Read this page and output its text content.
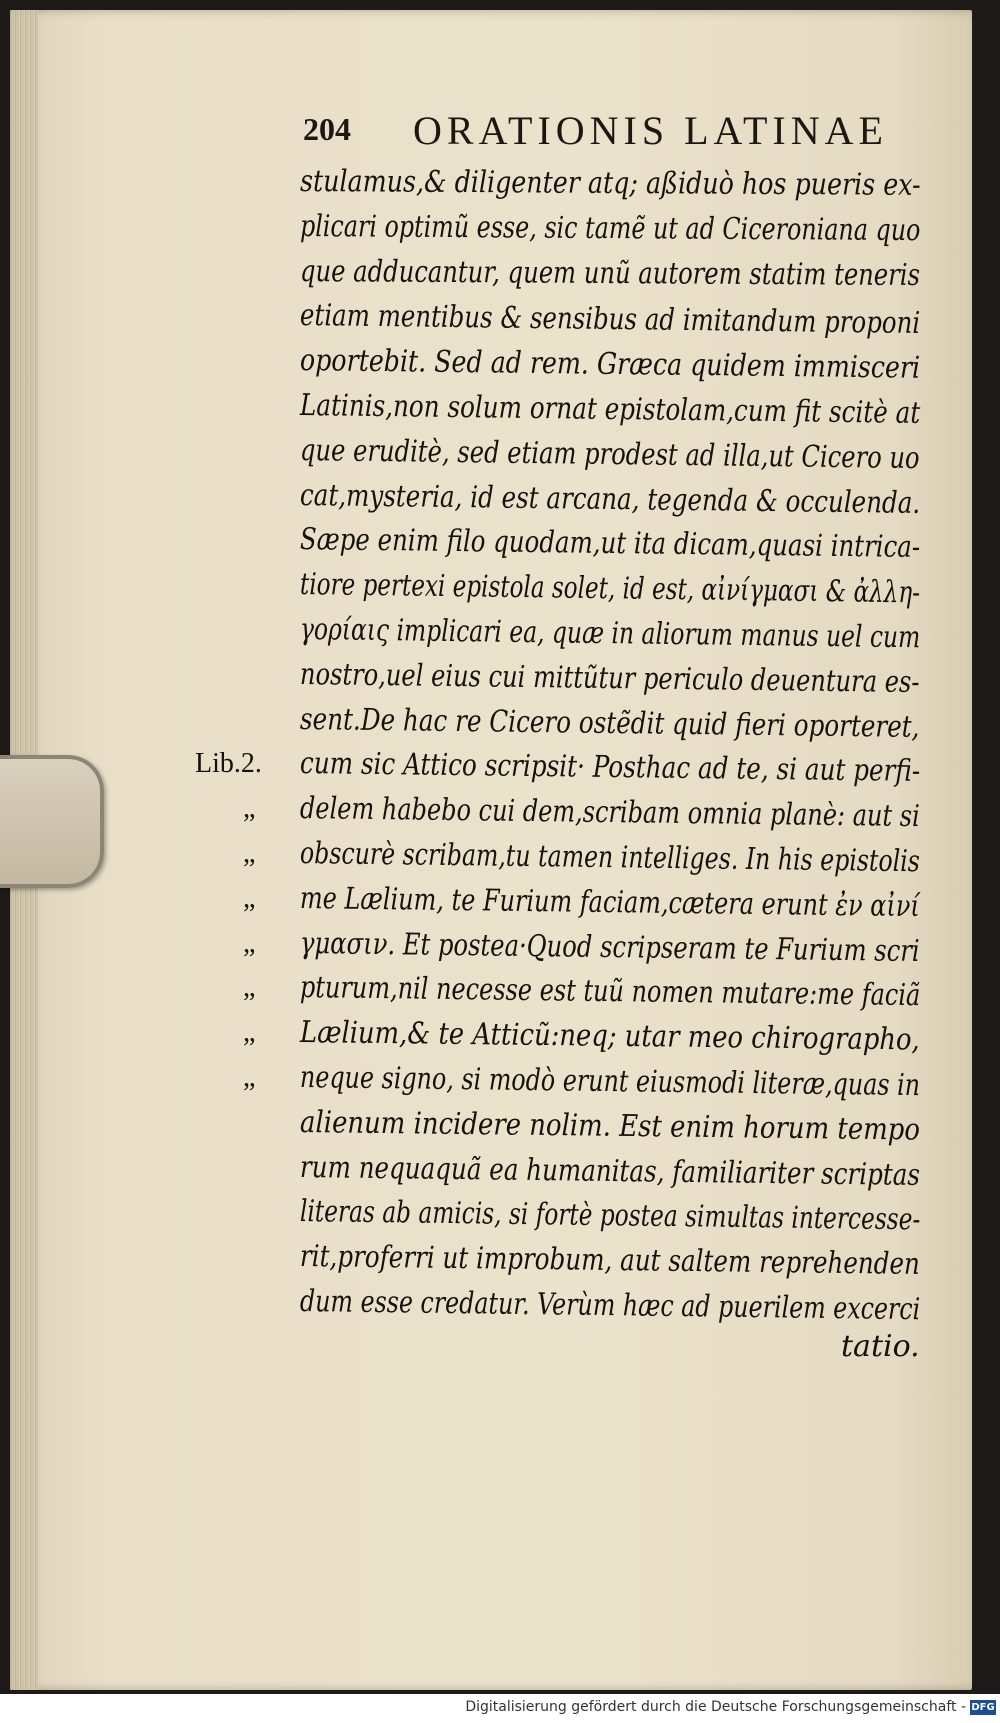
204 ORATIONIS LATINAE
Lib.2.
„
„
„
„
„
„
„
stulamus,& diligenter atq; aßiduò hos pueris ex-
plicari optimũ esse, sic tamẽ ut ad Ciceroniana quo
que adducantur, quem unũ autorem statim teneris
etiam mentibus & sensibus ad imitandum proponi
oportebit. Sed ad rem. Græca quidem immisceri
Latinis,non solum ornat epistolam,cum fit scitè at
que eruditè, sed etiam prodest ad illa,ut Cicero uo
cat,mysteria, id est arcana, tegenda & occulenda.
Sæpe enim filo quodam,ut ita dicam,quasi intrica-
tiore pertexi epistola solet, id est, αἰνίγμασι & ἀλλη-
γορίαις implicari ea, quæ in aliorum manus uel cum
nostro,uel eius cui mittũtur periculo deuentura es-
sent.De hac re Cicero ostẽdit quid fieri oporteret,
cum sic Attico scripsit· Posthac ad te, si aut perfi-
delem habebo cui dem,scribam omnia planè: aut si
obscurè scribam,tu tamen intelliges. In his epistolis
me Lælium, te Furium faciam,cætera erunt ἐν αἰνί
γμασιν. Et postea·Quod scripseram te Furium scri
pturum,nil necesse est tuũ nomen mutare:me faciã
Lælium,& te Atticũ:neq; utar meo chirographo,
neque signo, si modò erunt eiusmodi literæ,quas in
alienum incidere nolim. Est enim horum tempo
rum nequaquã ea humanitas, familiariter scriptas
literas ab amicis, si fortè postea simultas intercesse-
rit,proferri ut improbum, aut saltem reprehenden
dum esse credatur. Verùm hæc ad puerilem excerci
tatio.
Digitalisierung gefördert durch die Deutsche Forschungsgemeinschaft - DFG
